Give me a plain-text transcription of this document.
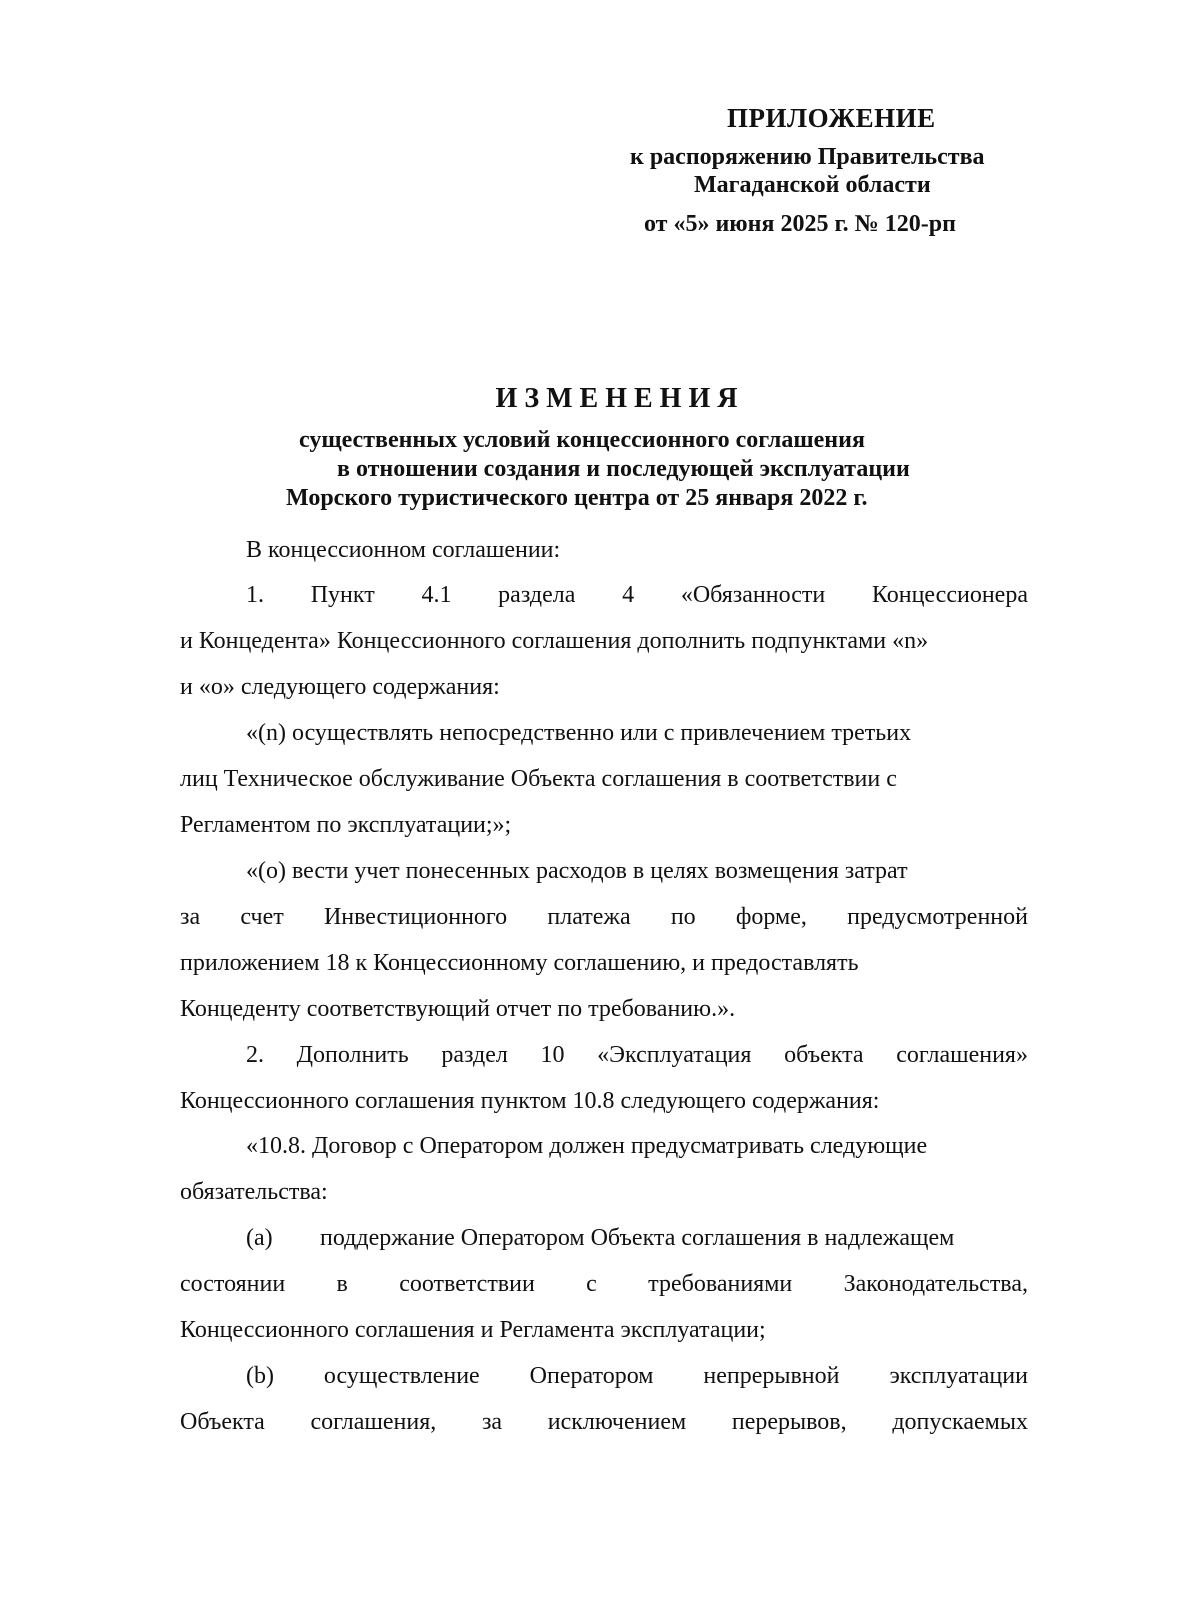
ПРИЛОЖЕНИЕ
к распоряжению Правительства
Магаданской области
от «5» июня 2025 г. № 120-рп
ИЗМЕНЕНИЯ
существенных условий концессионного соглашения
в отношении создания и последующей эксплуатации
Морского туристического центра от 25 января 2022 г.
В концессионном соглашении:
1. Пункт 4.1 раздела 4 «Обязанности Концессионера
и Концедента» Концессионного соглашения дополнить подпунктами «n»
и «o» следующего содержания:
«(n) осуществлять непосредственно или с привлечением третьих
лиц Техническое обслуживание Объекта соглашения в соответствии с
Регламентом по эксплуатации;»;
«(o) вести учет понесенных расходов в целях возмещения затрат
за счет Инвестиционного платежа по форме, предусмотренной
приложением 18 к Концессионному соглашению, и предоставлять
Концеденту соответствующий отчет по требованию.».
2. Дополнить раздел 10 «Эксплуатация объекта соглашения»
Концессионного соглашения пунктом 10.8 следующего содержания:
«10.8. Договор с Оператором должен предусматривать следующие
обязательства:
(а) поддержание Оператором Объекта соглашения в надлежащем
состоянии в соответствии с требованиями Законодательства,
Концессионного соглашения и Регламента эксплуатации;
(b) осуществление Оператором непрерывной эксплуатации
Объекта соглашения, за исключением перерывов, допускаемых
